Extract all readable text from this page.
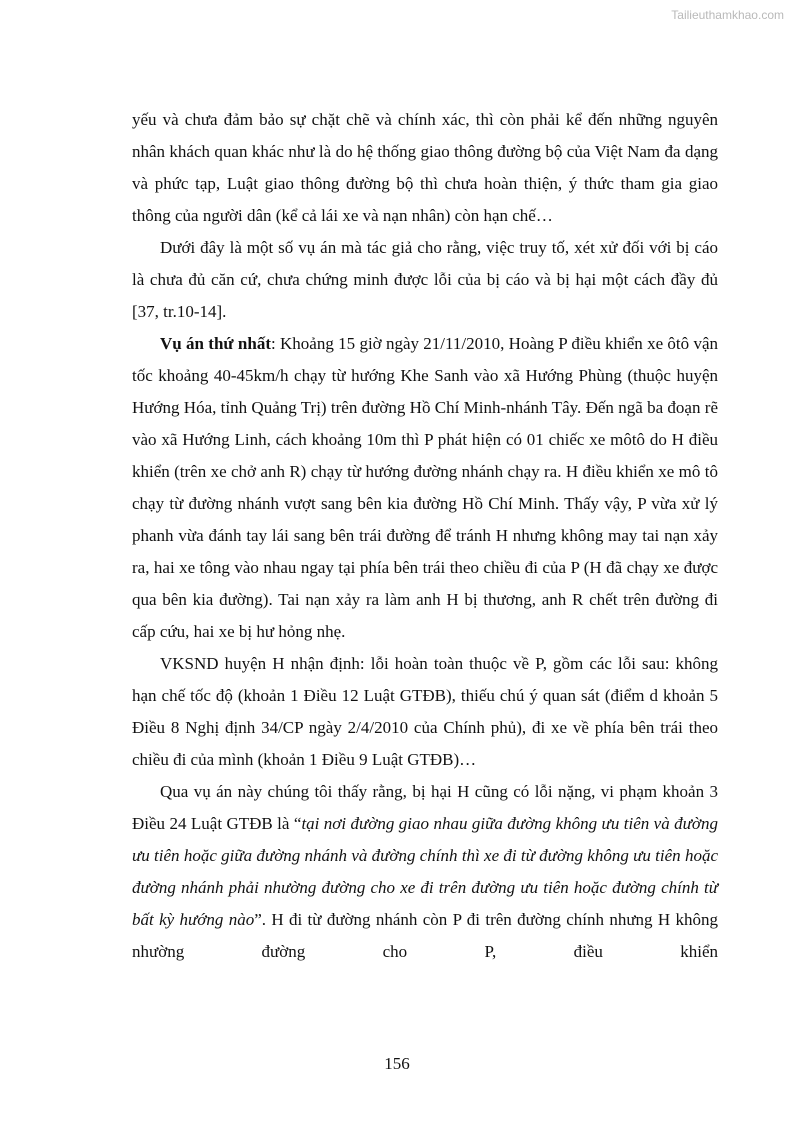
Tailieuthamkhao.com

yếu và chưa đảm bảo sự chặt chẽ và chính xác, thì còn phải kể đến những nguyên nhân khách quan khác như là do hệ thống giao thông đường bộ của Việt Nam đa dạng và phức tạp, Luật giao thông đường bộ thì chưa hoàn thiện, ý thức tham gia giao thông của người dân (kể cả lái xe và nạn nhân) còn hạn chế…

Dưới đây là một số vụ án mà tác giả cho rằng, việc truy tố, xét xử đối với bị cáo là chưa đủ căn cứ, chưa chứng minh được lỗi của bị cáo và bị hại một cách đầy đủ [37, tr.10-14].

Vụ án thứ nhất: Khoảng 15 giờ ngày 21/11/2010, Hoàng P điều khiển xe ôtô vận tốc khoảng 40-45km/h chạy từ hướng Khe Sanh vào xã Hướng Phùng (thuộc huyện Hướng Hóa, tỉnh Quảng Trị) trên đường Hồ Chí Minh-nhánh Tây. Đến ngã ba đoạn rẽ vào xã Hướng Linh, cách khoảng 10m thì P phát hiện có 01 chiếc xe môtô do H điều khiển (trên xe chở anh R) chạy từ hướng đường nhánh chạy ra. H điều khiển xe mô tô chạy từ đường nhánh vượt sang bên kia đường Hồ Chí Minh. Thấy vậy, P vừa xử lý phanh vừa đánh tay lái sang bên trái đường để tránh H nhưng không may tai nạn xảy ra, hai xe tông vào nhau ngay tại phía bên trái theo chiều đi của P (H đã chạy xe được qua bên kia đường). Tai nạn xảy ra làm anh H bị thương, anh R chết trên đường đi cấp cứu, hai xe bị hư hỏng nhẹ.

VKSND huyện H nhận định: lỗi hoàn toàn thuộc về P, gồm các lỗi sau: không hạn chế tốc độ (khoản 1 Điều 12 Luật GTĐB), thiếu chú ý quan sát (điểm d khoản 5 Điều 8 Nghị định 34/CP ngày 2/4/2010 của Chính phủ), đi xe về phía bên trái theo chiều đi của mình (khoản 1 Điều 9 Luật GTĐB)…

Qua vụ án này chúng tôi thấy rằng, bị hại H cũng có lỗi nặng, vi phạm khoản 3 Điều 24 Luật GTĐB là “tại nơi đường giao nhau giữa đường không ưu tiên và đường ưu tiên hoặc giữa đường nhánh và đường chính thì xe đi từ đường không ưu tiên hoặc đường nhánh phải nhường đường cho xe đi trên đường ưu tiên hoặc đường chính từ bất kỳ hướng nào”. H đi từ đường nhánh còn P đi trên đường chính nhưng H không nhường đường cho P, điều khiển

156
